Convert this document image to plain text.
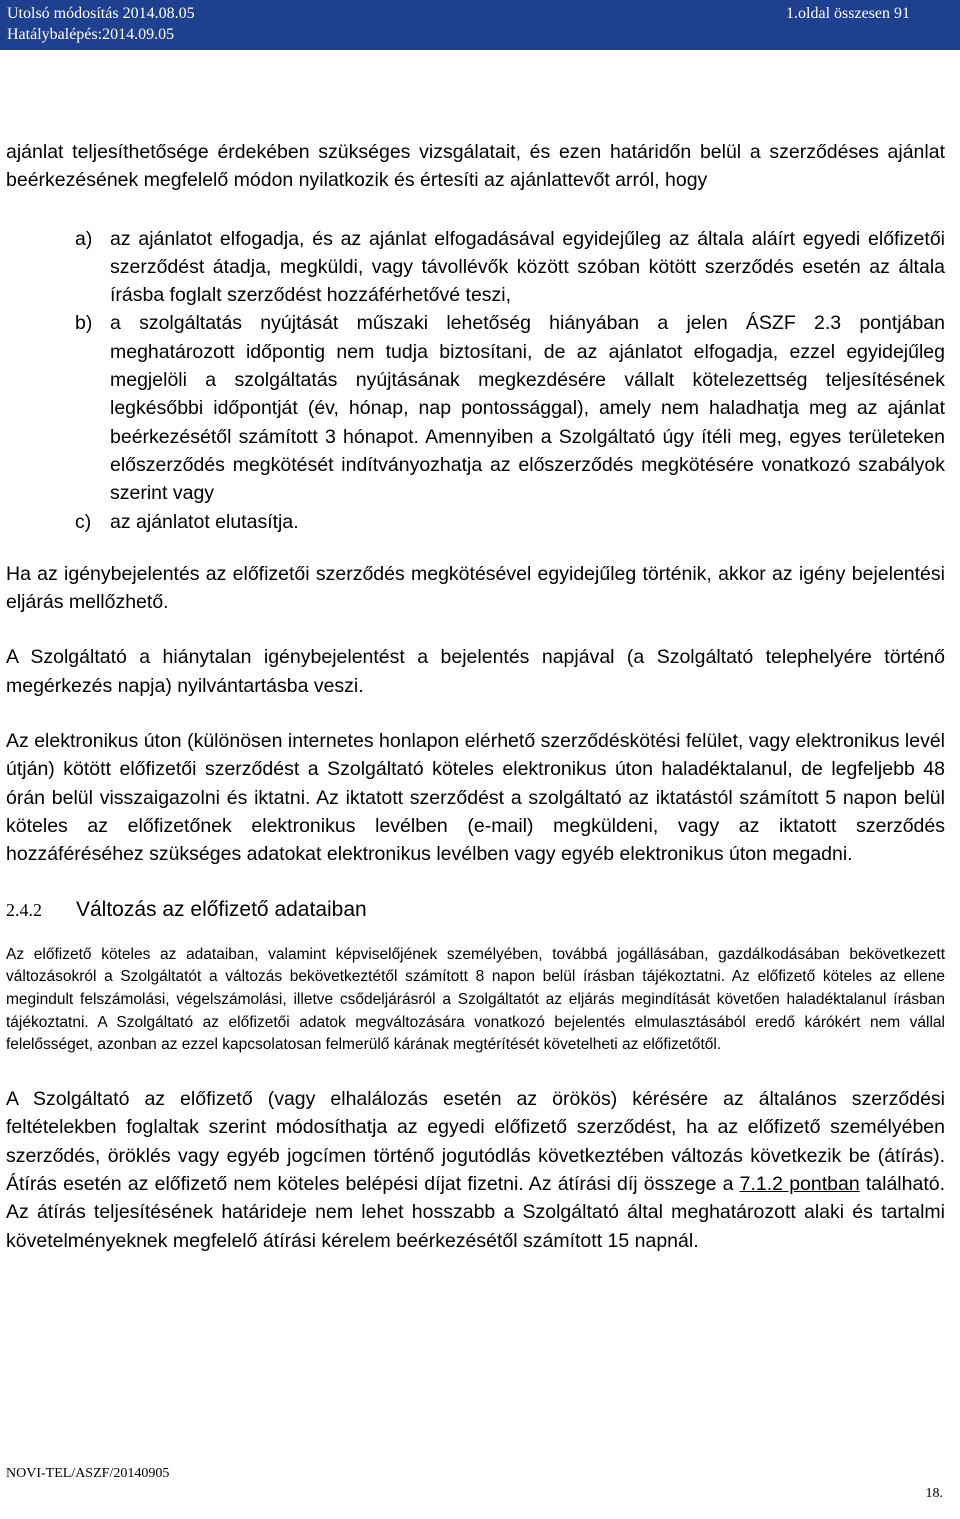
Utolsó módosítás 2014.08.05
Hatálybalépés:2014.09.05
1.oldal összesen 91

ajánlat teljesíthetősége érdekében szükséges vizsgálatait, és ezen határidőn belül a szerződéses ajánlat beérkezésének megfelelő módon nyilatkozik és értesíti az ajánlattevőt arról, hogy

a) az ajánlatot elfogadja, és az ajánlat elfogadásával egyidejűleg az általa aláírt egyedi előfizetői szerződést átadja, megküldi, vagy távollévők között szóban kötött szerződés esetén az általa írásba foglalt szerződést hozzáférhetővé teszi,
b) a szolgáltatás nyújtását műszaki lehetőség hiányában a jelen ÁSZF 2.3 pontjában meghatározott időpontig nem tudja biztosítani, de az ajánlatot elfogadja, ezzel egyidejűleg megjelöli a szolgáltatás nyújtásának megkezdésére vállalt kötelezettség teljesítésének legkésőbbi időpontját (év, hónap, nap pontossággal), amely nem haladhatja meg az ajánlat beérkezésétől számított 3 hónapot. Amennyiben a Szolgáltató úgy ítéli meg, egyes területeken előszerződés megkötését indítványozhatja az előszerződés megkötésére vonatkozó szabályok szerint vagy
c) az ajánlatot elutasítja.

Ha az igénybejelentés az előfizetői szerződés megkötésével egyidejűleg történik, akkor az igény bejelentési eljárás mellőzhető.

A Szolgáltató a hiánytalan igénybejelentést a bejelentés napjával (a Szolgáltató telephelyére történő megérkezés napja) nyilvántartásba veszi.

Az elektronikus úton (különösen internetes honlapon elérhető szerződéskötési felület, vagy elektronikus levél útján) kötött előfizetői szerződést a Szolgáltató köteles elektronikus úton haladéktalanul, de legfeljebb 48 órán belül visszaigazolni és iktatni. Az iktatott szerződést a szolgáltató az iktatástól számított 5 napon belül köteles az előfizetőnek elektronikus levélben (e-mail) megküldeni, vagy az iktatott szerződés hozzáféréséhez szükséges adatokat elektronikus levélben vagy egyéb elektronikus úton megadni.

2.4.2 Változás az előfizető adataiban

Az előfizető köteles az adataiban, valamint képviselőjének személyében, továbbá jogállásában, gazdálkodásában bekövetkezett változásokról a Szolgáltatót a változás bekövetkeztétől számított 8 napon belül írásban tájékoztatni. Az előfizető köteles az ellene megindult felszámolási, végelszámolási, illetve csődeljárásról a Szolgáltatót az eljárás megindítását követően haladéktalanul írásban tájékoztatni. A Szolgáltató az előfizetői adatok megváltozására vonatkozó bejelentés elmulasztásából eredő kárókért nem vállal felelősséget, azonban az ezzel kapcsolatosan felmerülő kárának megtérítését követelheti az előfizetőtől.

A Szolgáltató az előfizető (vagy elhalálozás esetén az örökös) kérésére az általános szerződési feltételekben foglaltak szerint módosíthatja az egyedi előfizető szerződést, ha az előfizető személyében szerződés, öröklés vagy egyéb jogcímen történő jogutódlás következtében változás következik be (átírás). Átírás esetén az előfizető nem köteles belépési díjat fizetni. Az átírási díj összege a 7.1.2 pontban található. Az átírás teljesítésének határideje nem lehet hosszabb a Szolgáltató által meghatározott alaki és tartalmi követelményeknek megfelelő átírási kérelem beérkezésétől számított 15 napnál.

NOVI-TEL/ASZF/20140905
18.
